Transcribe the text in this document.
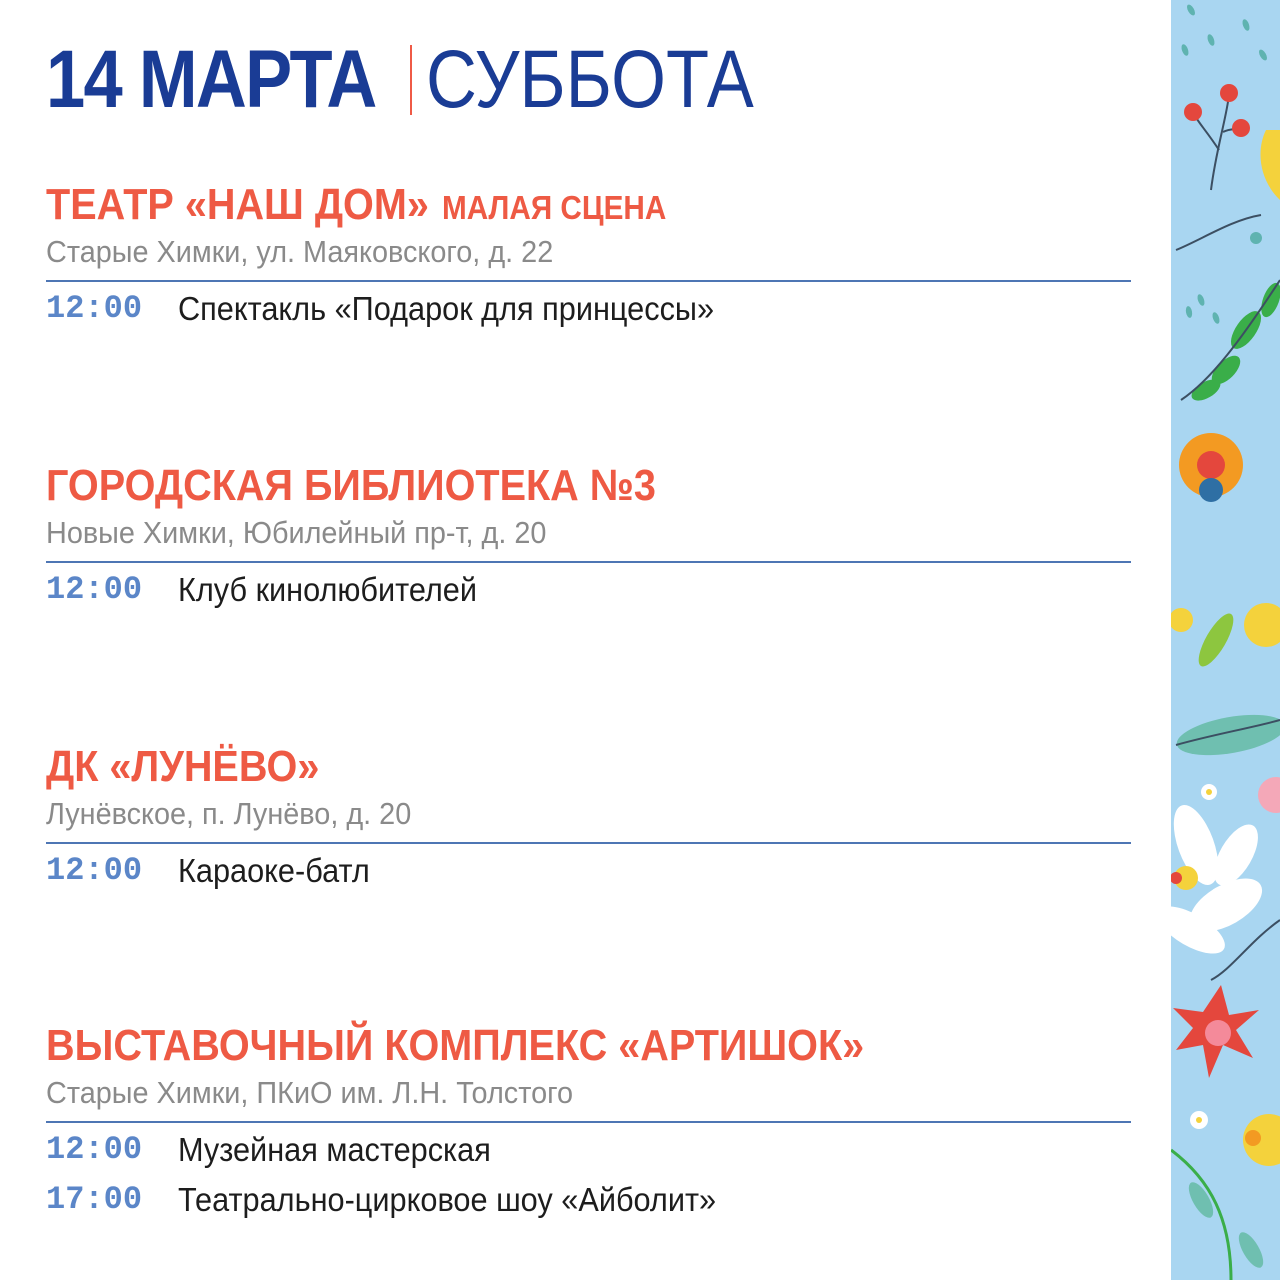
14 МАРТА СУББОТА
ТЕАТР «НАШ ДОМ» МАЛАЯ СЦЕНА
Старые Химки, ул. Маяковского, д. 22
12:00	Спектакль «Подарок для принцессы»
ГОРОДСКАЯ БИБЛИОТЕКА №3
Новые Химки, Юбилейный пр-т, д. 20
12:00	Клуб кинолюбителей
ДК «ЛУНЁВО»
Лунёвское, п. Лунёво, д. 20
12:00	Караоке-батл
ВЫСТАВОЧНЫЙ КОМПЛЕКС «АРТИШОК»
Старые Химки, ПКиО им. Л.Н. Толстого
12:00	Музейная мастерская
17:00	Театрально-цирковое шоу «Айболит»
